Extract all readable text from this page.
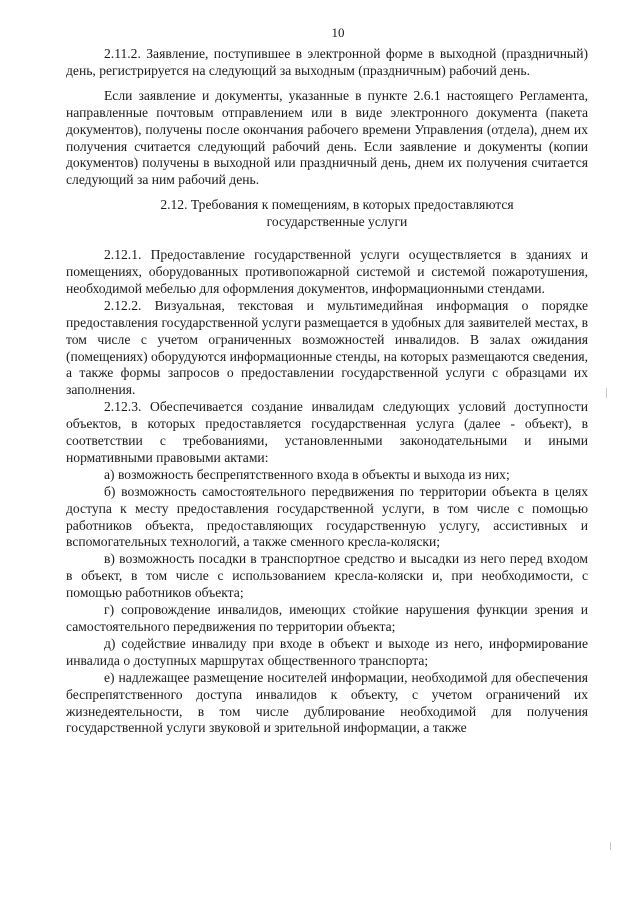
10

2.11.2. Заявление, поступившее в электронной форме в выходной (праздничный) день, регистрируется на следующий за выходным (праздничным) рабочий день.

Если заявление и документы, указанные в пункте 2.6.1 настоящего Регламента, направленные почтовым отправлением или в виде электронного документа (пакета документов), получены после окончания рабочего времени Управления (отдела), днем их получения считается следующий рабочий день. Если заявление и документы (копии документов) получены в выходной или праздничный день, днем их получения считается следующий за ним рабочий день.

2.12. Требования к помещениям, в которых предоставляются

государственные услуги

2.12.1. Предоставление государственной услуги осуществляется в зданиях и помещениях, оборудованных противопожарной системой и системой пожаротушения, необходимой мебелью для оформления документов, информационными стендами.

2.12.2. Визуальная, текстовая и мультимедийная информация о порядке предоставления государственной услуги размещается в удобных для заявителей местах, в том числе с учетом ограниченных возможностей инвалидов. В залах ожидания (помещениях) оборудуются информационные стенды, на которых размещаются сведения, а также формы запросов о предоставлении государственной услуги с образцами их заполнения.

2.12.3. Обеспечивается создание инвалидам следующих условий доступности объектов, в которых предоставляется государственная услуга (далее - объект), в соответствии с требованиями, установленными законодательными и иными нормативными правовыми актами:

а) возможность беспрепятственного входа в объекты и выхода из них;

б) возможность самостоятельного передвижения по территории объекта в целях доступа к месту предоставления государственной услуги, в том числе с помощью работников объекта, предоставляющих государственную услугу, ассистивных и вспомогательных технологий, а также сменного кресла-коляски;

в) возможность посадки в транспортное средство и высадки из него перед входом в объект, в том числе с использованием кресла-коляски и, при необходимости, с помощью работников объекта;

г) сопровождение инвалидов, имеющих стойкие нарушения функции зрения и самостоятельного передвижения по территории объекта;

д) содействие инвалиду при входе в объект и выходе из него, информирование инвалида о доступных маршрутах общественного транспорта;

е) надлежащее размещение носителей информации, необходимой для обеспечения беспрепятственного доступа инвалидов к объекту, с учетом ограничений их жизнедеятельности, в том числе дублирование необходимой для получения государственной услуги звуковой и зрительной информации, а также
